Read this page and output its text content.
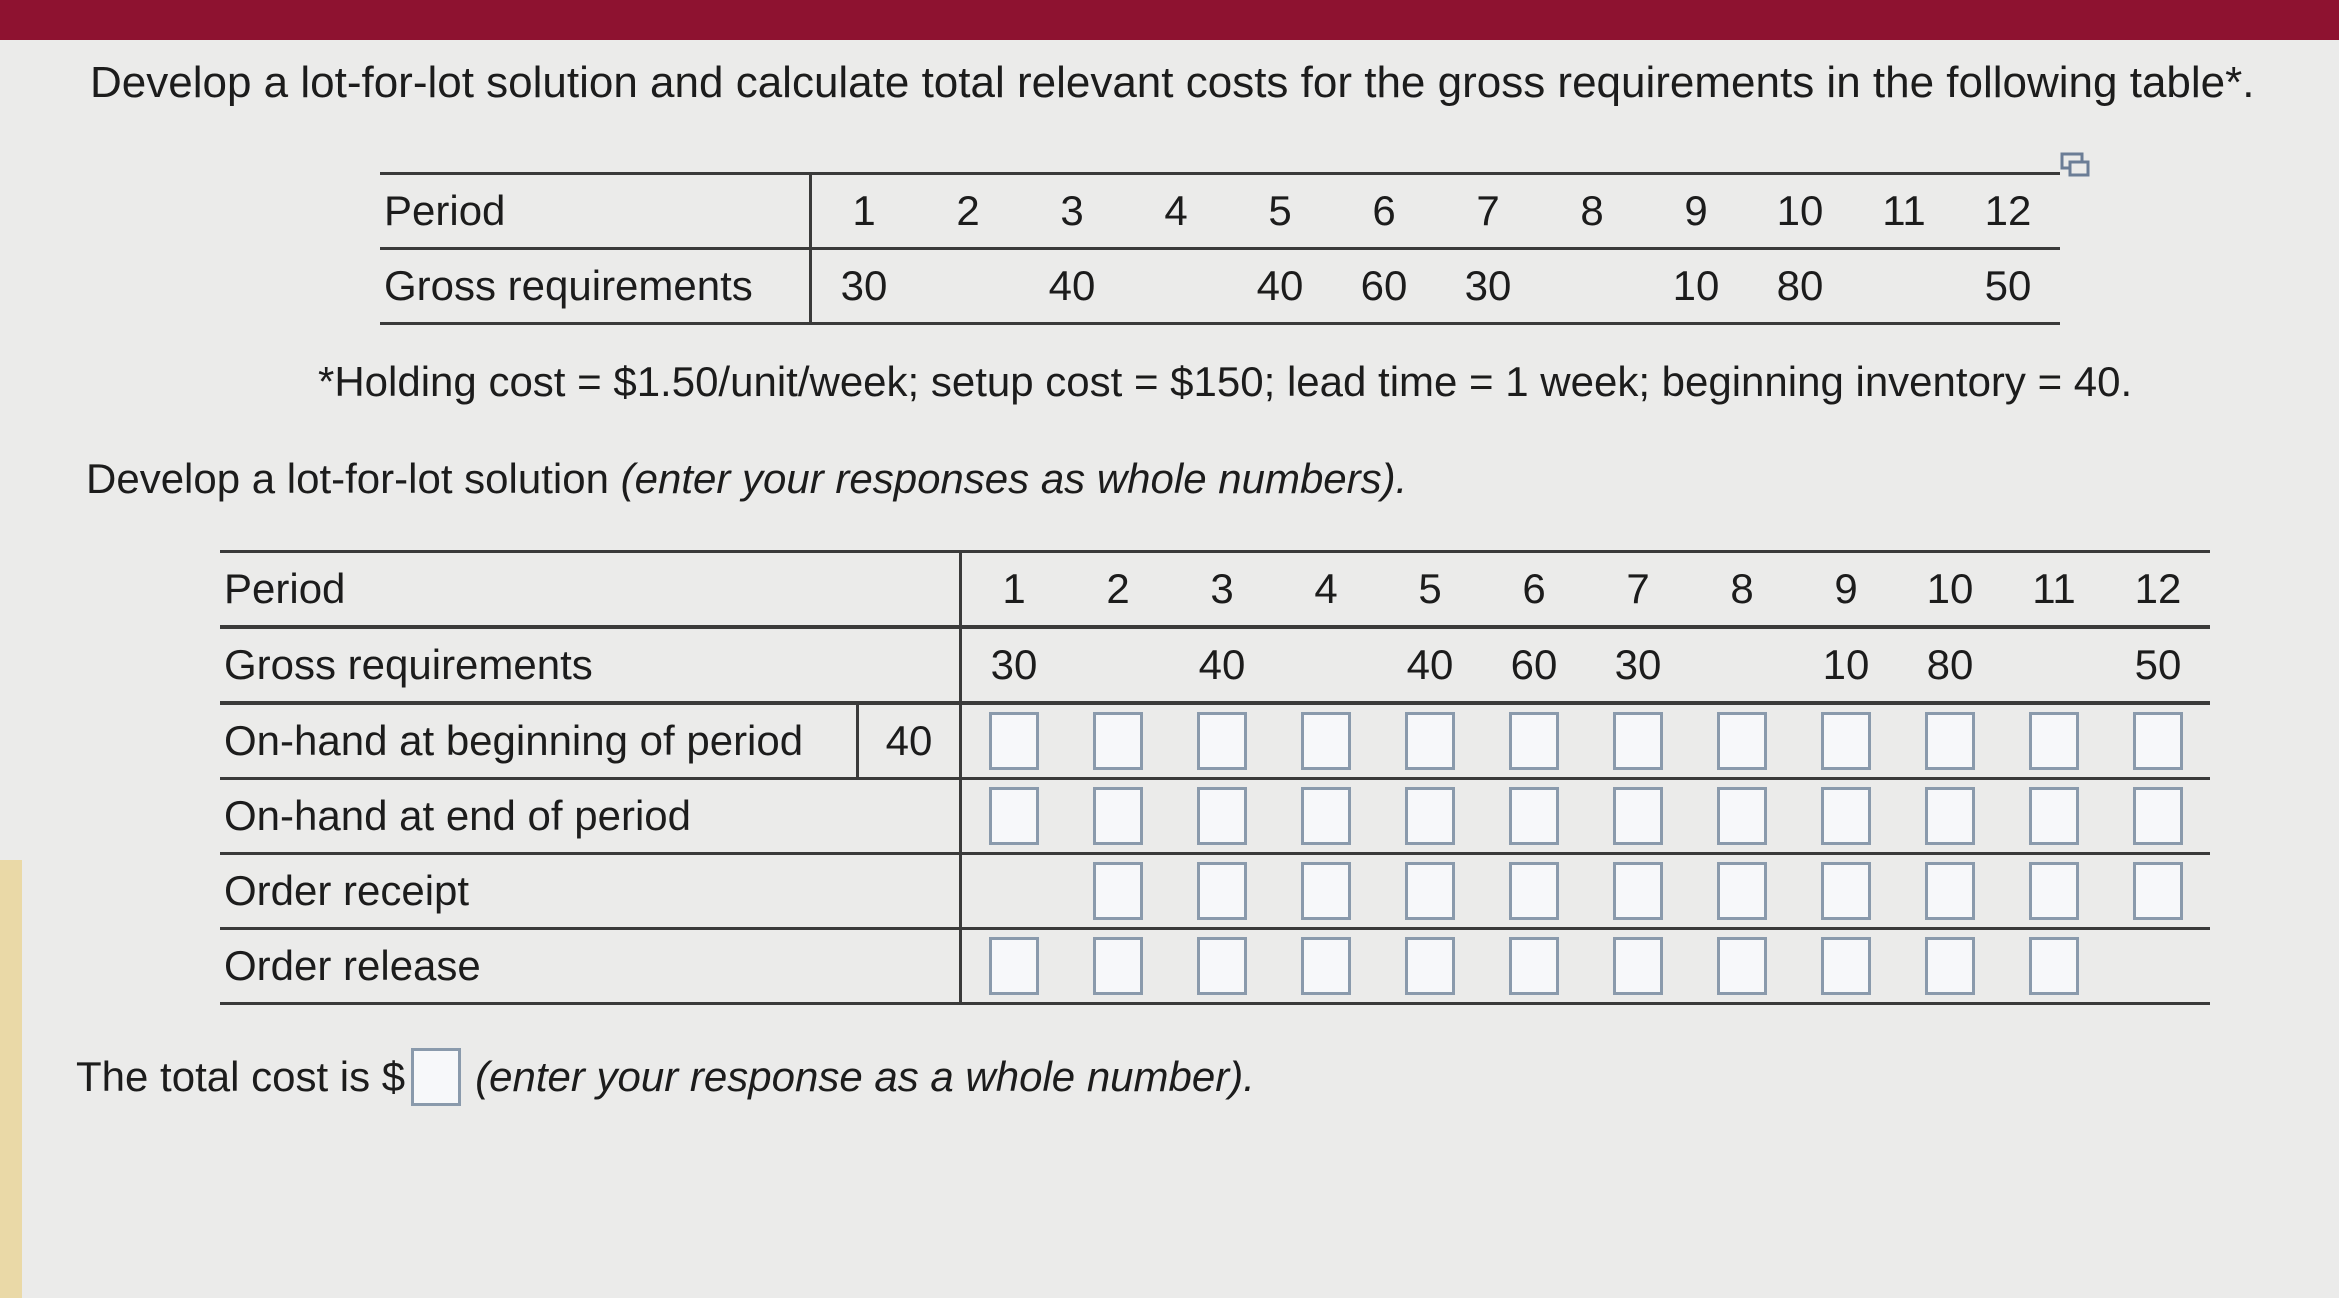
Develop a lot-for-lot solution and calculate total relevant costs for the gross requirements in the following table*.
Period	1	2	3	4	5	6	7	8	9	10	11	12
Gross requirements	30		40		40	60	30		10	80		50
*Holding cost = $1.50/unit/week; setup cost = $150; lead time = 1 week; beginning inventory = 40.
Develop a lot-for-lot solution (enter your responses as whole numbers).
Period		1	2	3	4	5	6	7	8	9	10	11	12
Gross requirements		30		40		40	60	30		10	80		50
On-hand at beginning of period	40												
On-hand at end of period													
Order receipt													
Order release													
The total cost is $ (enter your response as a whole number).
